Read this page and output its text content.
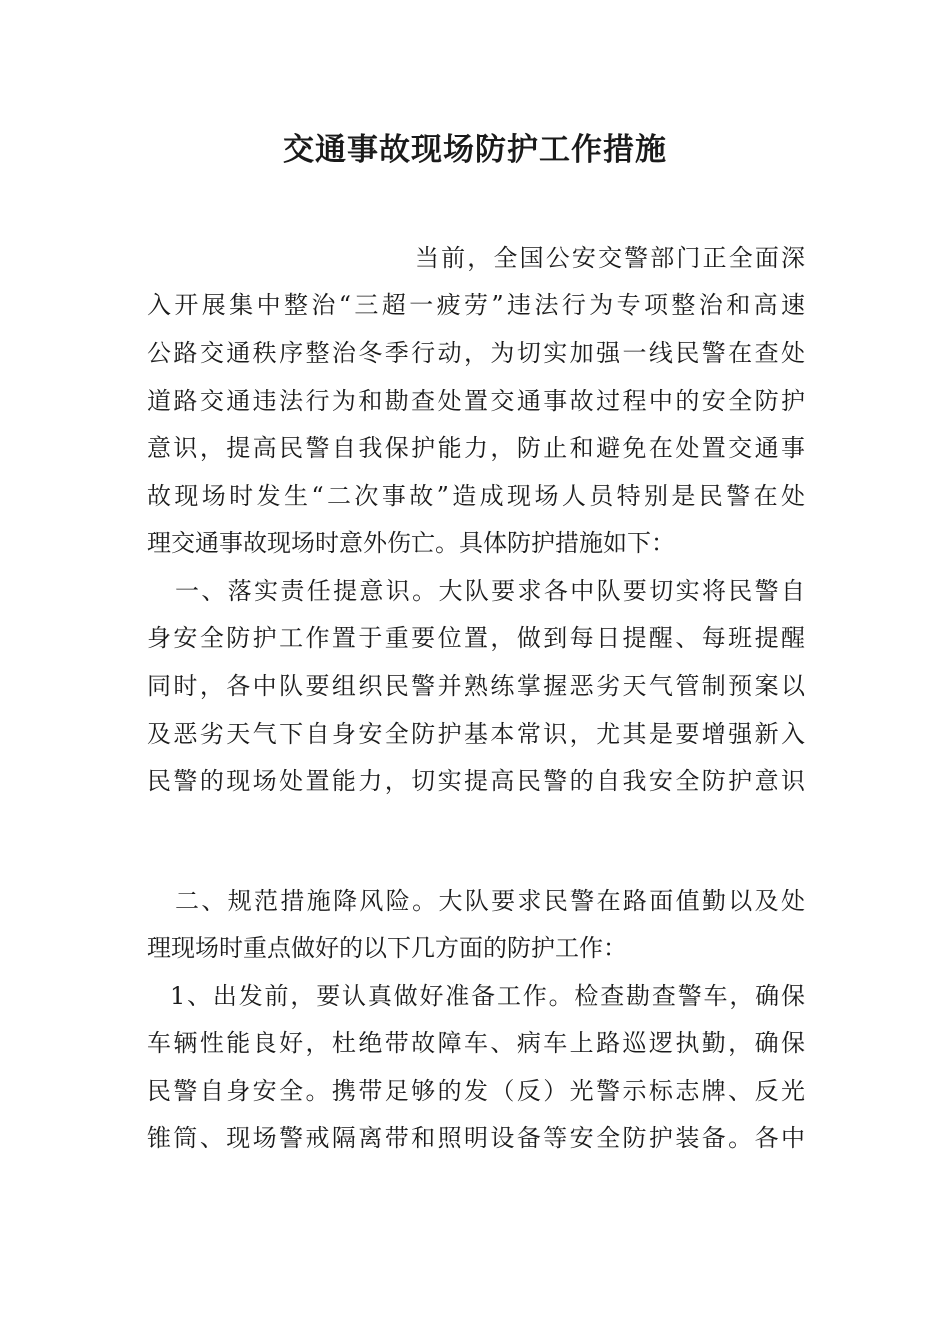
交通事故现场防护工作措施
当前，全国公安交警部门正全面深
入开展集中整治“三超一疲劳”违法行为专项整治和高速
公路交通秩序整治冬季行动，为切实加强一线民警在查处
道路交通违法行为和勘查处置交通事故过程中的安全防护
意识，提高民警自我保护能力，防止和避免在处置交通事
故现场时发生“二次事故”造成现场人员特别是民警在处
理交通事故现场时意外伤亡。具体防护措施如下：
一、落实责任提意识。大队要求各中队要切实将民警自
身安全防护工作置于重要位置，做到每日提醒、每班提醒
同时，各中队要组织民警并熟练掌握恶劣天气管制预案以
及恶劣天气下自身安全防护基本常识，尤其是要增强新入
民警的现场处置能力，切实提高民警的自我安全防护意识
二、规范措施降风险。大队要求民警在路面值勤以及处
理现场时重点做好的以下几方面的防护工作：
1、出发前，要认真做好准备工作。检查勘查警车，确保
车辆性能良好，杜绝带故障车、病车上路巡逻执勤，确保
民警自身安全。携带足够的发（反）光警示标志牌、反光
锥筒、现场警戒隔离带和照明设备等安全防护装备。各中
